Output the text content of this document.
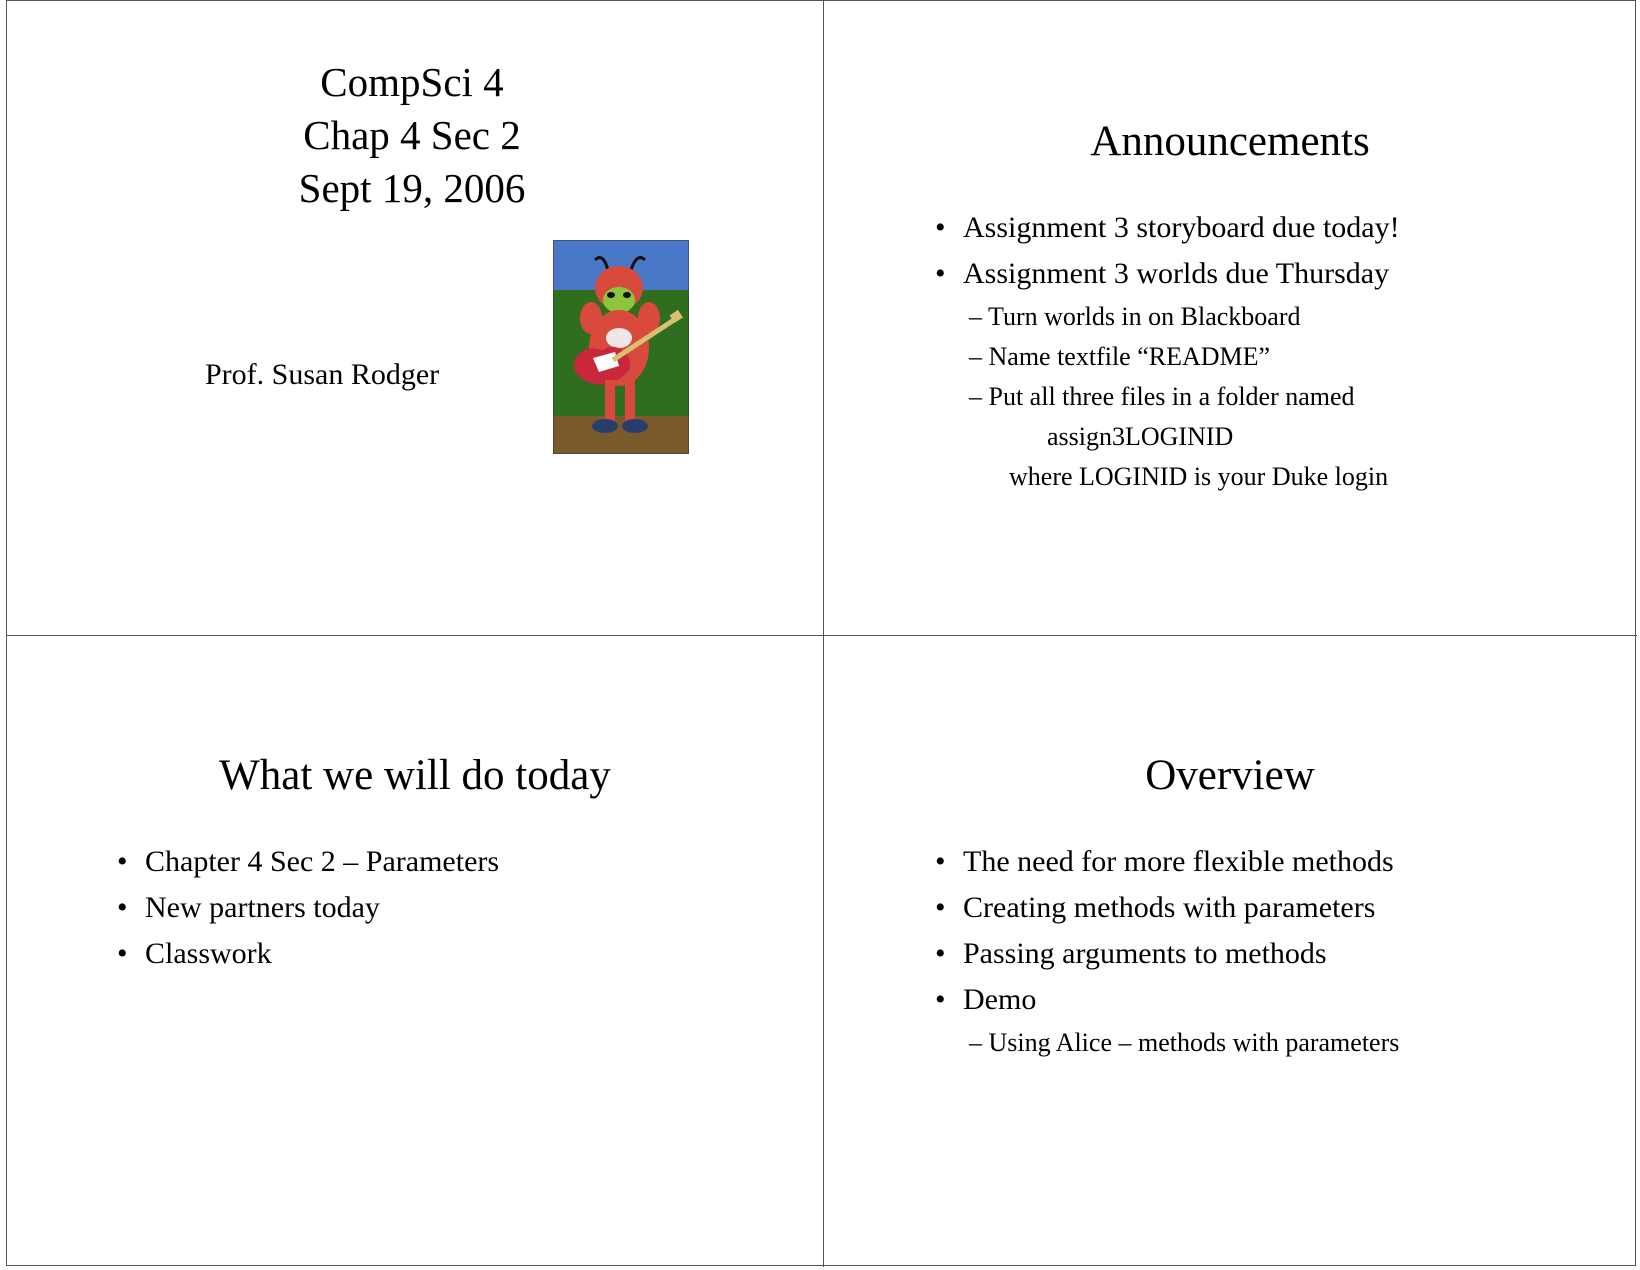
CompSci 4
Chap 4 Sec 2
Sept 19, 2006
Prof. Susan Rodger
Announcements
• Assignment 3 storyboard due today!
• Assignment 3 worlds due Thursday
– Turn worlds in on Blackboard
– Name textfile “README”
– Put all three files in a folder named
assign3LOGINID
where LOGINID is your Duke login
What we will do today
• Chapter 4 Sec 2 – Parameters
• New partners today
• Classwork
Overview
• The need for more flexible methods
• Creating methods with parameters
• Passing arguments to methods
• Demo
– Using Alice – methods with parameters
